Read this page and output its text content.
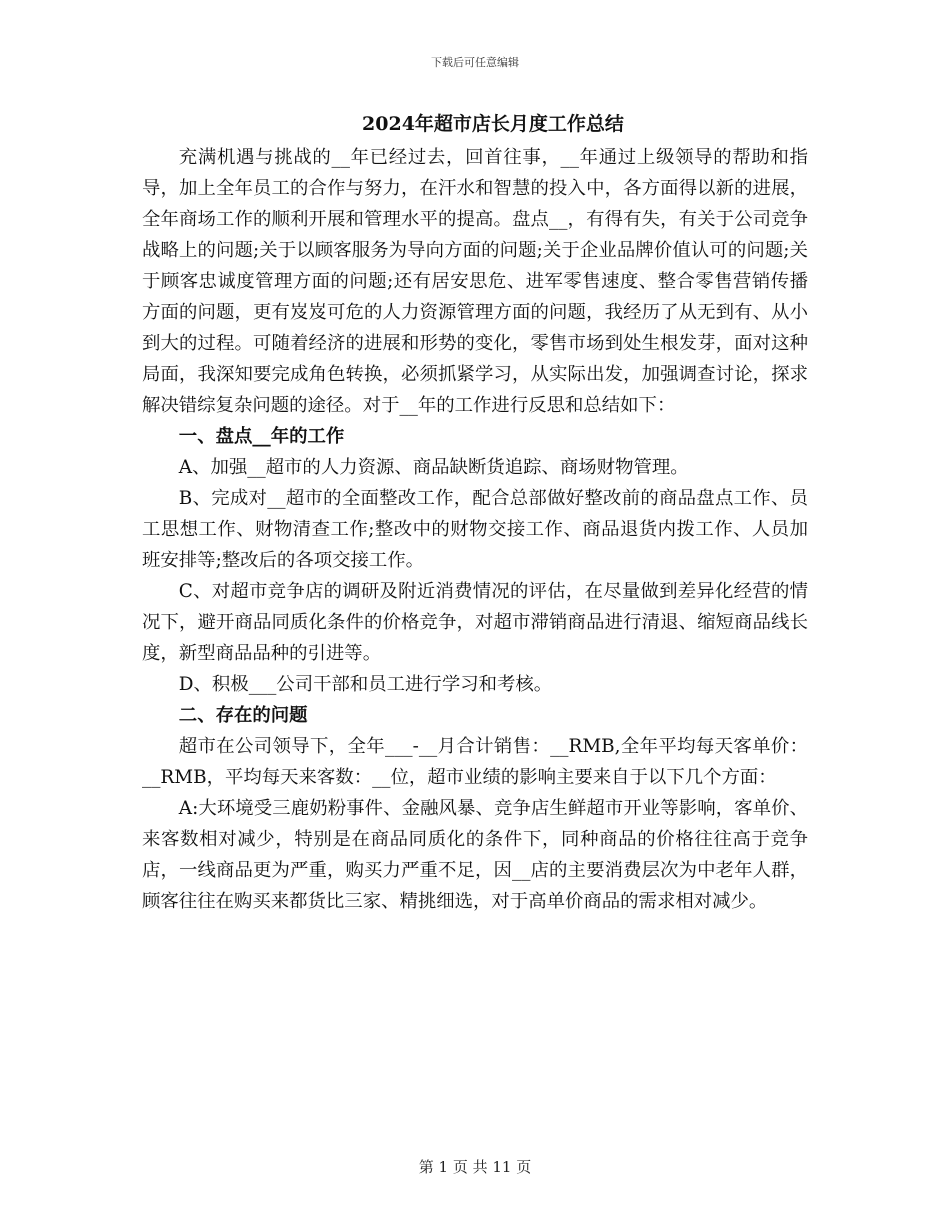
下载后可任意编辑
2024年超市店长月度工作总结

充满机遇与挑战的__年已经过去，回首往事，__年通过上级领导的帮助和指导，加上全年员工的合作与努力，在汗水和智慧的投入中，各方面得以新的进展，全年商场工作的顺利开展和管理水平的提高。盘点__，有得有失，有关于公司竞争战略上的问题;关于以顾客服务为导向方面的问题;关于企业品牌价值认可的问题;关于顾客忠诚度管理方面的问题;还有居安思危、进军零售速度、整合零售营销传播方面的问题，更有岌岌可危的人力资源管理方面的问题，我经历了从无到有、从小到大的过程。可随着经济的进展和形势的变化，零售市场到处生根发芽，面对这种局面，我深知要完成角色转换，必须抓紧学习，从实际出发，加强调查讨论，探求解决错综复杂问题的途径。对于__年的工作进行反思和总结如下：

一、盘点__年的工作

A、加强__超市的人力资源、商品缺断货追踪、商场财物管理。

B、完成对__超市的全面整改工作，配合总部做好整改前的商品盘点工作、员工思想工作、财物清查工作;整改中的财物交接工作、商品退货内拨工作、人员加班安排等;整改后的各项交接工作。

C、对超市竞争店的调研及附近消费情况的评估，在尽量做到差异化经营的情况下，避开商品同质化条件的价格竞争，对超市滞销商品进行清退、缩短商品线长度，新型商品品种的引进等。

D、积极___公司干部和员工进行学习和考核。

二、存在的问题

超市在公司领导下，全年___-__月合计销售：__RMB,全年平均每天客单价：__RMB，平均每天来客数：__位，超市业绩的影响主要来自于以下几个方面：

A:大环境受三鹿奶粉事件、金融风暴、竞争店生鲜超市开业等影响，客单价、来客数相对减少，特别是在商品同质化的条件下，同种商品的价格往往高于竞争店，一线商品更为严重，购买力严重不足，因__店的主要消费层次为中老年人群，顾客往往在购买来都货比三家、精挑细选，对于高单价商品的需求相对减少。

第 1 页 共 11 页
